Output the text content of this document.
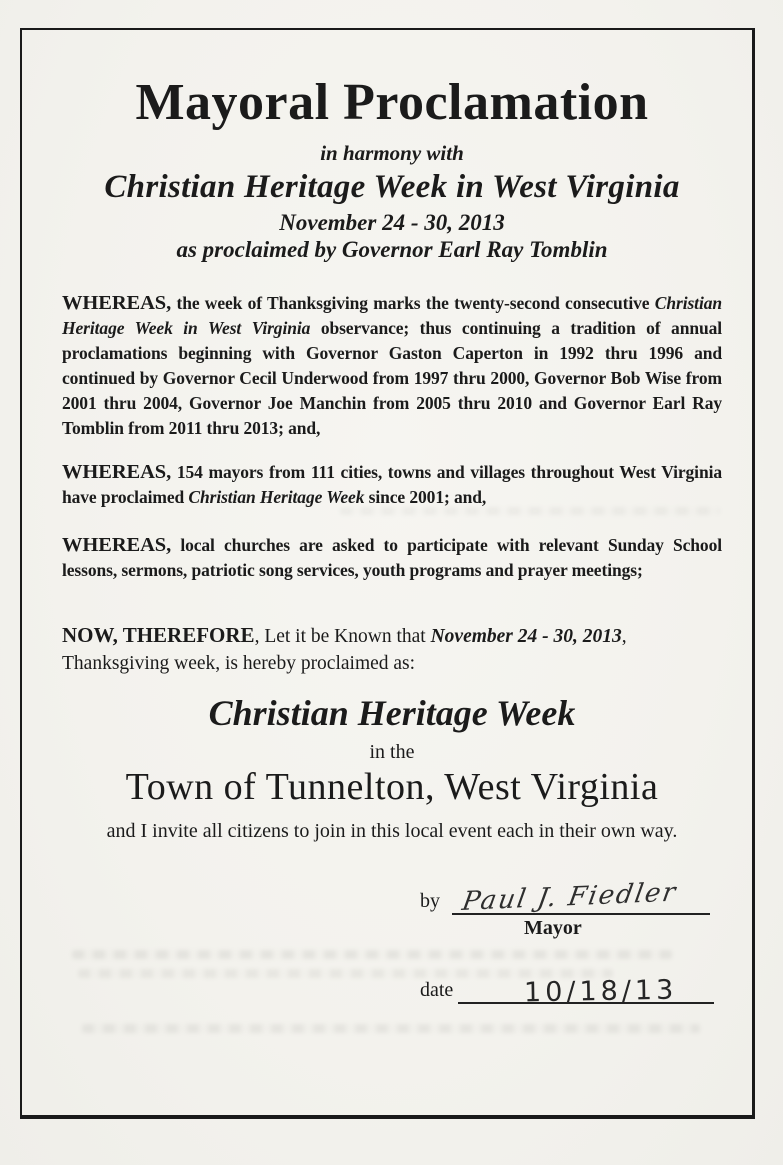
Mayoral Proclamation
in harmony with
Christian Heritage Week in West Virginia
November 24 - 30, 2013
as proclaimed by Governor Earl Ray Tomblin

WHEREAS, the week of Thanksgiving marks the twenty-second consecutive Christian Heritage Week in West Virginia observance; thus continuing a tradition of annual proclamations beginning with Governor Gaston Caperton in 1992 thru 1996 and continued by Governor Cecil Underwood from 1997 thru 2000, Governor Bob Wise from 2001 thru 2004, Governor Joe Manchin from 2005 thru 2010 and Governor Earl Ray Tomblin from 2011 thru 2013; and,

WHEREAS, 154 mayors from 111 cities, towns and villages throughout West Virginia have proclaimed Christian Heritage Week since 2001; and,

WHEREAS, local churches are asked to participate with relevant Sunday School lessons, sermons, patriotic song services, youth programs and prayer meetings;

NOW, THEREFORE, Let it be Known that November 24 - 30, 2013, Thanksgiving week, is hereby proclaimed as:

Christian Heritage Week
in the
Town of Tunnelton, West Virginia
and I invite all citizens to join in this local event each in their own way.
by Paul J. Fiedler
Mayor
date	10/18/13
